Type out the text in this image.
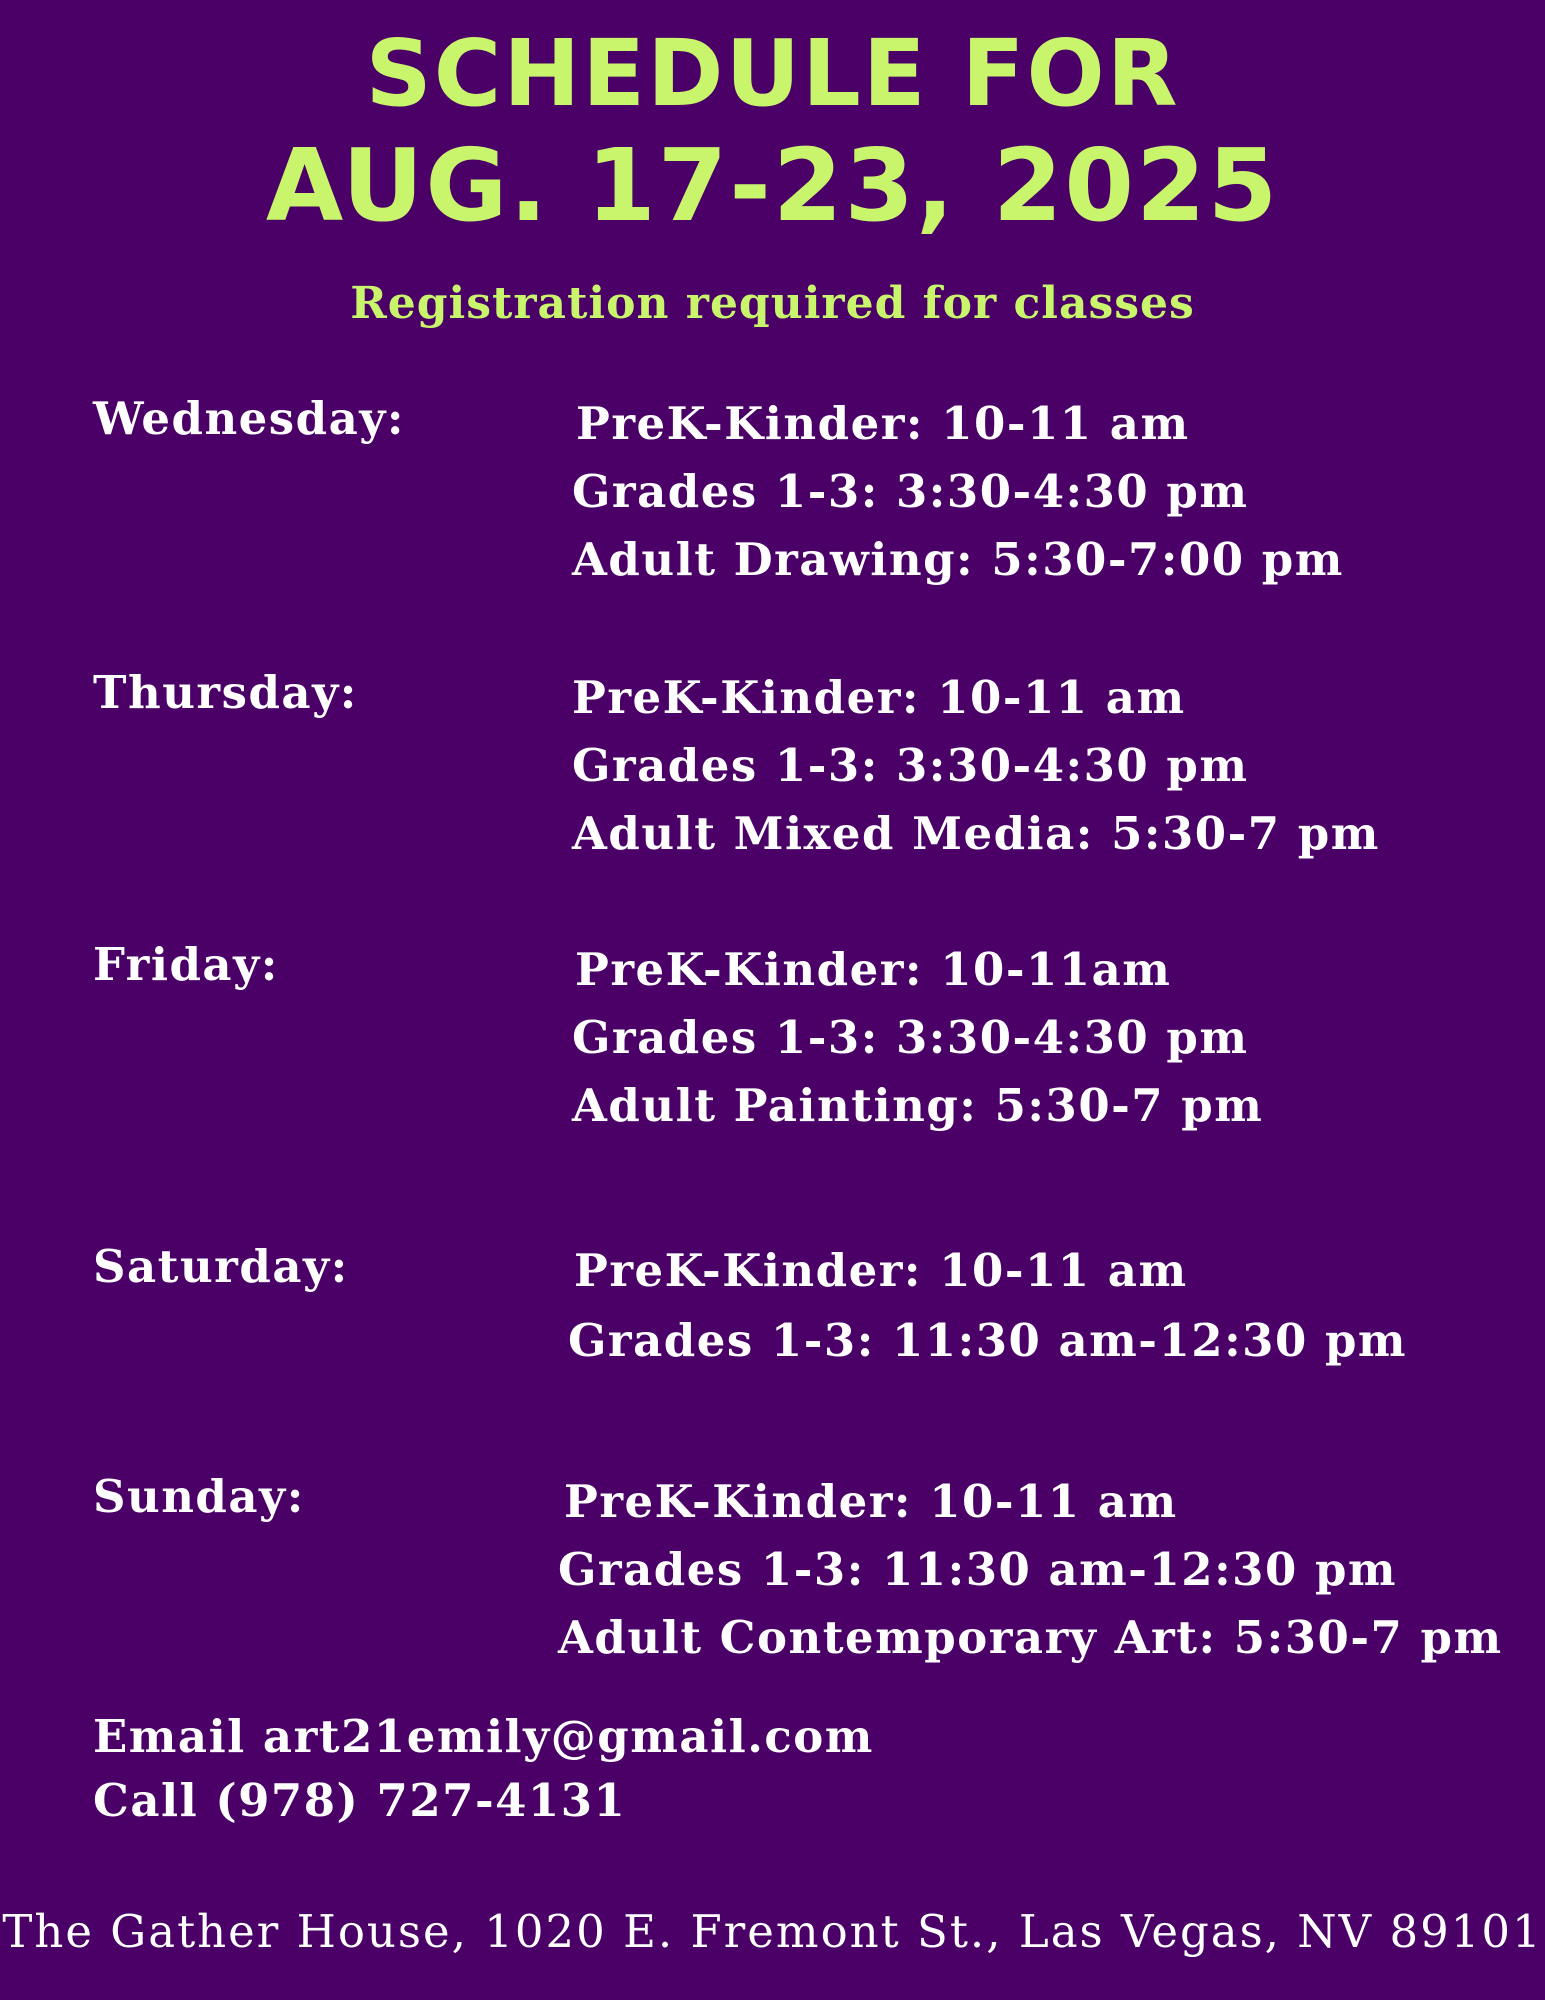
SCHEDULE FOR
AUG. 17-23, 2025
Registration required for classes
Wednesday:	PreK-Kinder: 10-11 am
Grades 1-3: 3:30-4:30 pm
Adult Drawing: 5:30-7:00 pm
Thursday:	PreK-Kinder: 10-11 am
Grades 1-3: 3:30-4:30 pm
Adult Mixed Media: 5:30-7 pm
Friday:	PreK-Kinder: 10-11am
Grades 1-3: 3:30-4:30 pm
Adult Painting: 5:30-7 pm
Saturday:	PreK-Kinder: 10-11 am
Grades 1-3: 11:30 am-12:30 pm
Sunday:	PreK-Kinder: 10-11 am
Grades 1-3: 11:30 am-12:30 pm
Adult Contemporary Art: 5:30-7 pm
Email art21emily@gmail.com
Call (978) 727-4131
The Gather House, 1020 E. Fremont St., Las Vegas, NV 89101
